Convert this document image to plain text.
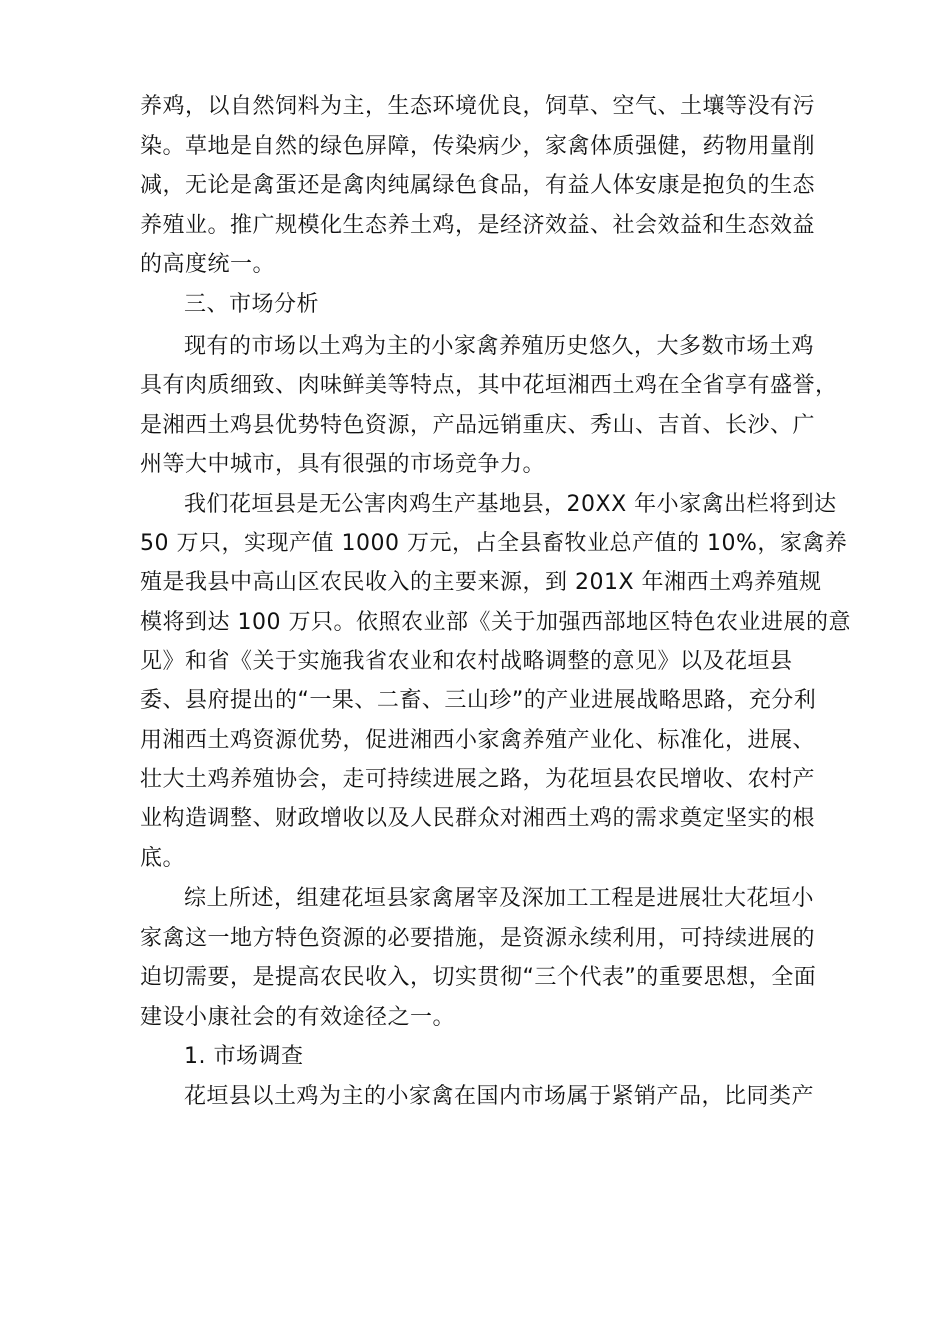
养鸡，以自然饲料为主，生态环境优良，饲草、空气、土壤等没有污
染。草地是自然的绿色屏障，传染病少，家禽体质强健，药物用量削
减，无论是禽蛋还是禽肉纯属绿色食品，有益人体安康是抱负的生态
养殖业。推广规模化生态养土鸡，是经济效益、社会效益和生态效益
的高度统一。
三、市场分析
现有的市场以土鸡为主的小家禽养殖历史悠久，大多数市场土鸡
具有肉质细致、肉味鲜美等特点，其中花垣湘西土鸡在全省享有盛誉，
是湘西土鸡县优势特色资源，产品远销重庆、秀山、吉首、长沙、广
州等大中城市，具有很强的市场竞争力。
我们花垣县是无公害肉鸡生产基地县，20XX 年小家禽出栏将到达
50 万只，实现产值 1000 万元，占全县畜牧业总产值的 10%，家禽养
殖是我县中高山区农民收入的主要来源，到 201X 年湘西土鸡养殖规
模将到达 100 万只。依照农业部《关于加强西部地区特色农业进展的意
见》和省《关于实施我省农业和农村战略调整的意见》以及花垣县
委、县府提出的“一果、二畜、三山珍”的产业进展战略思路，充分利
用湘西土鸡资源优势，促进湘西小家禽养殖产业化、标准化，进展、
壮大土鸡养殖协会，走可持续进展之路，为花垣县农民增收、农村产
业构造调整、财政增收以及人民群众对湘西土鸡的需求奠定坚实的根
底。
综上所述，组建花垣县家禽屠宰及深加工工程是进展壮大花垣小
家禽这一地方特色资源的必要措施，是资源永续利用，可持续进展的
迫切需要，是提高农民收入，切实贯彻“三个代表”的重要思想，全面
建设小康社会的有效途径之一。
1. 市场调查
花垣县以土鸡为主的小家禽在国内市场属于紧销产品，比同类产
